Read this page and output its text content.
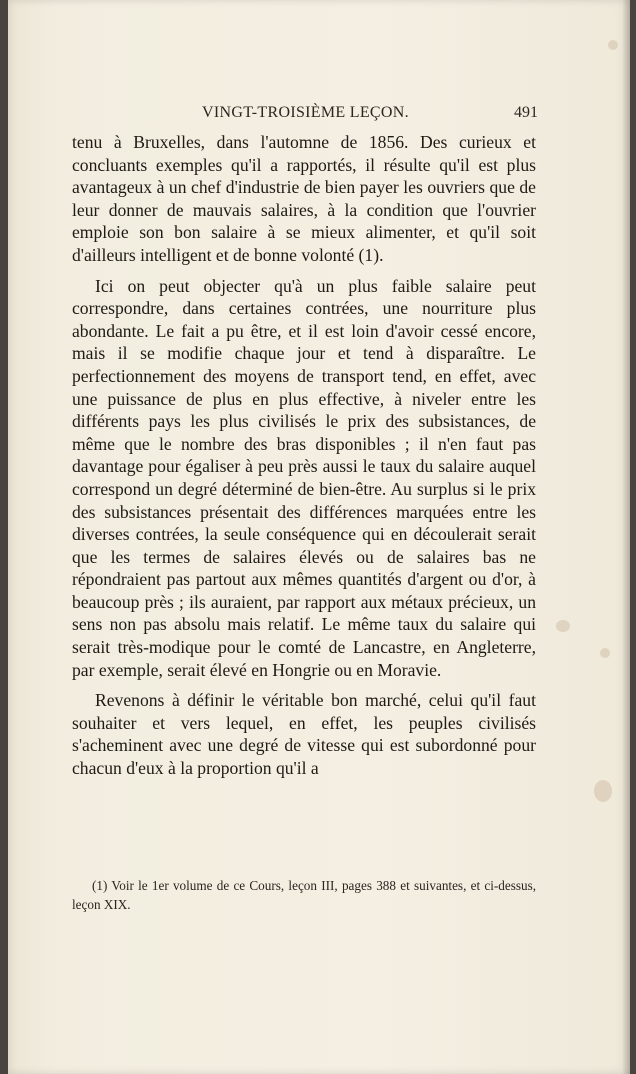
VINGT-TROISIÈME LEÇON.	491

tenu à Bruxelles, dans l'automne de 1856. Des curieux et concluants exemples qu'il a rapportés, il résulte qu'il est plus avantageux à un chef d'industrie de bien payer les ouvriers que de leur donner de mauvais salaires, à la condition que l'ouvrier emploie son bon salaire à se mieux alimenter, et qu'il soit d'ailleurs intelligent et de bonne volonté (1).

Ici on peut objecter qu'à un plus faible salaire peut correspondre, dans certaines contrées, une nourriture plus abondante. Le fait a pu être, et il est loin d'avoir cessé encore, mais il se modifie chaque jour et tend à disparaître. Le perfectionnement des moyens de transport tend, en effet, avec une puissance de plus en plus effective, à niveler entre les différents pays les plus civilisés le prix des subsistances, de même que le nombre des bras disponibles ; il n'en faut pas davantage pour égaliser à peu près aussi le taux du salaire auquel correspond un degré déterminé de bien-être. Au surplus si le prix des subsistances présentait des différences marquées entre les diverses contrées, la seule conséquence qui en découlerait serait que les termes de salaires élevés ou de salaires bas ne répondraient pas partout aux mêmes quantités d'argent ou d'or, à beaucoup près ; ils auraient, par rapport aux métaux précieux, un sens non pas absolu mais relatif. Le même taux du salaire qui serait très-modique pour le comté de Lancastre, en Angleterre, par exemple, serait élevé en Hongrie ou en Moravie.

Revenons à définir le véritable bon marché, celui qu'il faut souhaiter et vers lequel, en effet, les peuples civilisés s'acheminent avec une degré de vitesse qui est subordonné pour chacun d'eux à la proportion qu'il a

(1) Voir le 1er volume de ce Cours, leçon III, pages 388 et suivantes, et ci-dessus, leçon XIX.
